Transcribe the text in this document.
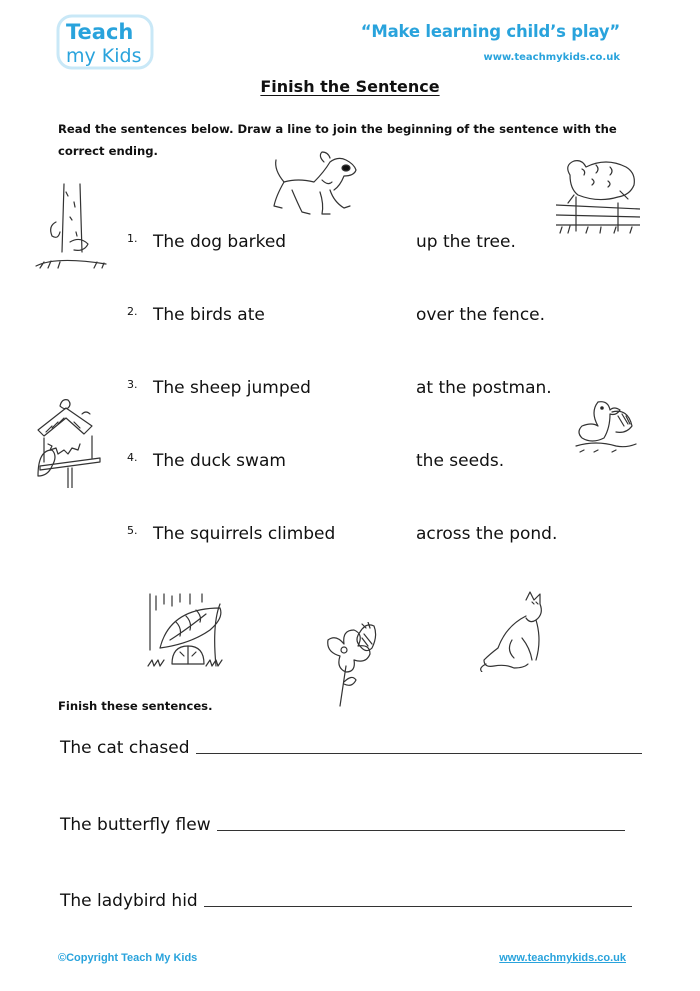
Teach
my Kids
“Make learning child’s play”
www.teachmykids.co.uk
Finish the Sentence
Read the sentences below. Draw a line to join the beginning of the sentence with the correct ending.
1. The dog barked	up the tree.
2. The birds ate	over the fence.
3. The sheep jumped	at the postman.
4. The duck swam	the seeds.
5. The squirrels climbed	across the pond.
Finish these sentences.
The cat chased
The butterfly flew
The ladybird hid
©Copyright Teach My Kids	www.teachmykids.co.uk
